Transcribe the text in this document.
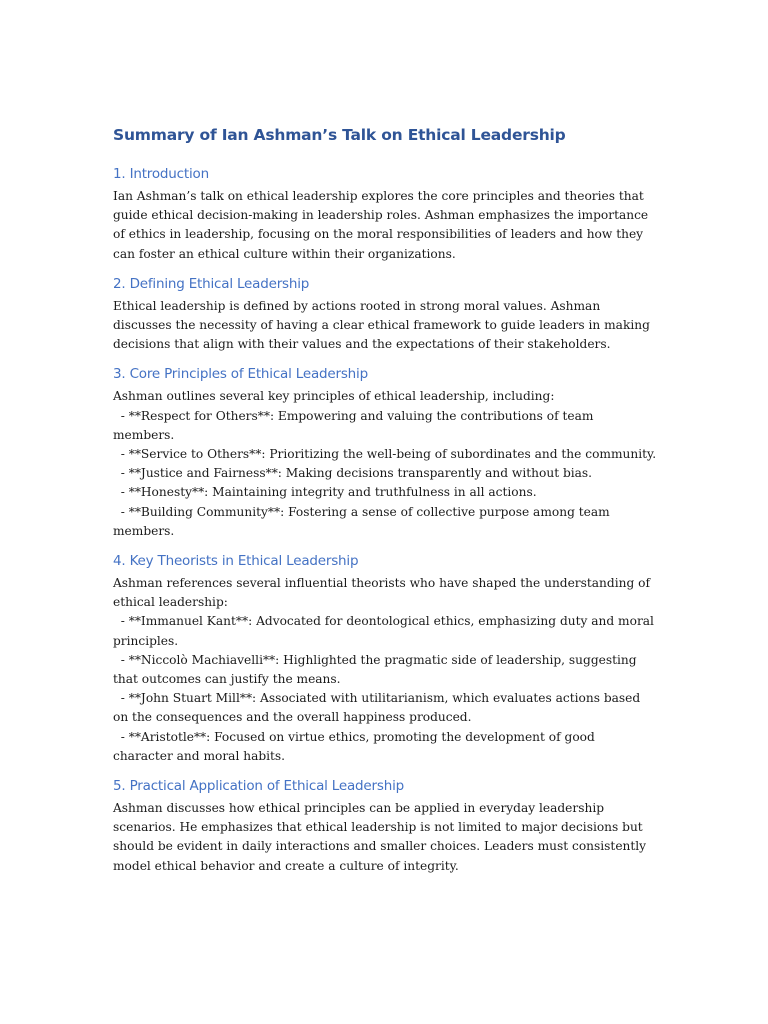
Summary of Ian Ashman’s Talk on Ethical Leadership
1. Introduction

Ian Ashman’s talk on ethical leadership explores the core principles and theories that guide ethical decision-making in leadership roles. Ashman emphasizes the importance of ethics in leadership, focusing on the moral responsibilities of leaders and how they can foster an ethical culture within their organizations.

2. Defining Ethical Leadership

Ethical leadership is defined by actions rooted in strong moral values. Ashman discusses the necessity of having a clear ethical framework to guide leaders in making decisions that align with their values and the expectations of their stakeholders.

3. Core Principles of Ethical Leadership

Ashman outlines several key principles of ethical leadership, including:

- **Respect for Others**: Empowering and valuing the contributions of team members.
- **Service to Others**: Prioritizing the well-being of subordinates and the community.
- **Justice and Fairness**: Making decisions transparently and without bias.
- **Honesty**: Maintaining integrity and truthfulness in all actions.
- **Building Community**: Fostering a sense of collective purpose among team members.
4. Key Theorists in Ethical Leadership

Ashman references several influential theorists who have shaped the understanding of ethical leadership:

- **Immanuel Kant**: Advocated for deontological ethics, emphasizing duty and moral principles.
- **Niccolò Machiavelli**: Highlighted the pragmatic side of leadership, suggesting that outcomes can justify the means.
- **John Stuart Mill**: Associated with utilitarianism, which evaluates actions based on the consequences and the overall happiness produced.
- **Aristotle**: Focused on virtue ethics, promoting the development of good character and moral habits.
5. Practical Application of Ethical Leadership

Ashman discusses how ethical principles can be applied in everyday leadership scenarios. He emphasizes that ethical leadership is not limited to major decisions but should be evident in daily interactions and smaller choices. Leaders must consistently model ethical behavior and create a culture of integrity.
